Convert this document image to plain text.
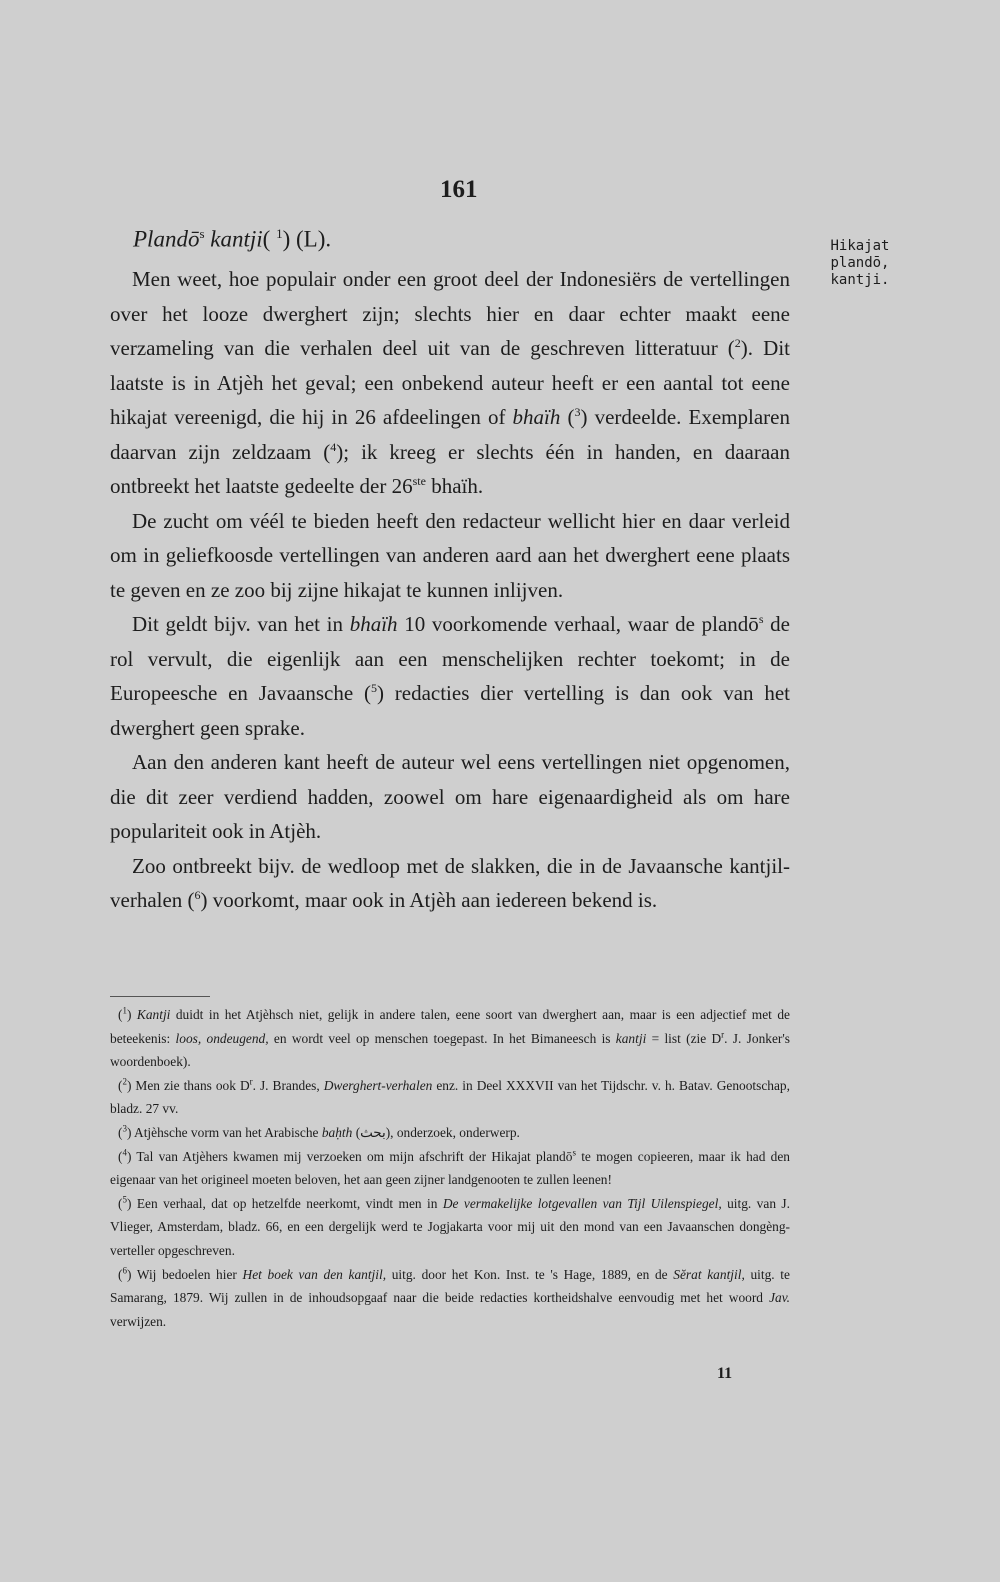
161
Hikajat
plandō,
kantji.
Plandō$^s$ kantji( $^1$) (L).

Men weet, hoe populair onder een groot deel der Indonesiërs de vertellingen over het looze dwerghert zijn; slechts hier en daar echter maakt eene verzameling van die verhalen deel uit van de geschreven litteratuur ($^2$). Dit laatste is in Atjèh het geval; een onbekend auteur heeft er een aantal tot eene hikajat vereenigd, die hij in 26 afdeelingen of bhaïh ($^3$) verdeelde. Exemplaren daarvan zijn zeldzaam ($^4$); ik kreeg er slechts één in handen, en daaraan ontbreekt het laatste gedeelte der 26ste bhaïh.

De zucht om véél te bieden heeft den redacteur wellicht hier en daar verleid om in geliefkoosde vertellingen van anderen aard aan het dwerghert eene plaats te geven en ze zoo bij zijne hikajat te kunnen inlijven.

Dit geldt bijv. van het in bhaïh 10 voorkomende verhaal, waar de plandō$^s$ de rol vervult, die eigenlijk aan een menschelijken rechter toekomt; in de Europeesche en Javaansche ($^5$) redacties dier vertelling is dan ook van het dwerghert geen sprake.

Aan den anderen kant heeft de auteur wel eens vertellingen niet opgenomen, die dit zeer verdiend hadden, zoowel om hare eigenaardigheid als om hare populariteit ook in Atjèh.

Zoo ontbreekt bijv. de wedloop met de slakken, die in de Javaansche kantjil-verhalen ($^6$) voorkomt, maar ook in Atjèh aan iedereen bekend is.

($^1$) Kantji duidt in het Atjèhsch niet, gelijk in andere talen, eene soort van dwerghert aan, maar is een adjectief met de beteekenis: loos, ondeugend, en wordt veel op menschen toegepast. In het Bimaneesch is kantji = list (zie $D^r$. J. Jonker's woordenboek).

($^2$) Men zie thans ook $D^r$. J. Brandes, Dwerghert-verhalen enz. in Deel XXXVII van het Tijdschr. v. h. Batav. Genootschap, bladz. 27 vv.

($^3$) Atjèhsche vorm van het Arabische baḥth (بحث), onderzoek, onderwerp.

($^4$) Tal van Atjèhers kwamen mij verzoeken om mijn afschrift der Hikajat plandō$^s$ te mogen copieeren, maar ik had den eigenaar van het origineel moeten beloven, het aan geen zijner landgenooten te zullen leenen!

($^5$) Een verhaal, dat op hetzelfde neerkomt, vindt men in De vermakelijke lotgevallen van Tijl Uilenspiegel, uitg. van J. Vlieger, Amsterdam, bladz. 66, en een dergelijk werd te Jogjakarta voor mij uit den mond van een Javaanschen dongèng-verteller opgeschreven.

($^6$) Wij bedoelen hier Het boek van den kantjil, uitg. door het Kon. Inst. te 's Hage, 1889, en de Sĕrat kantjil, uitg. te Samarang, 1879. Wij zullen in de inhoudsopgaaf naar die beide redacties kortheidshalve eenvoudig met het woord Jav. verwijzen.

11
